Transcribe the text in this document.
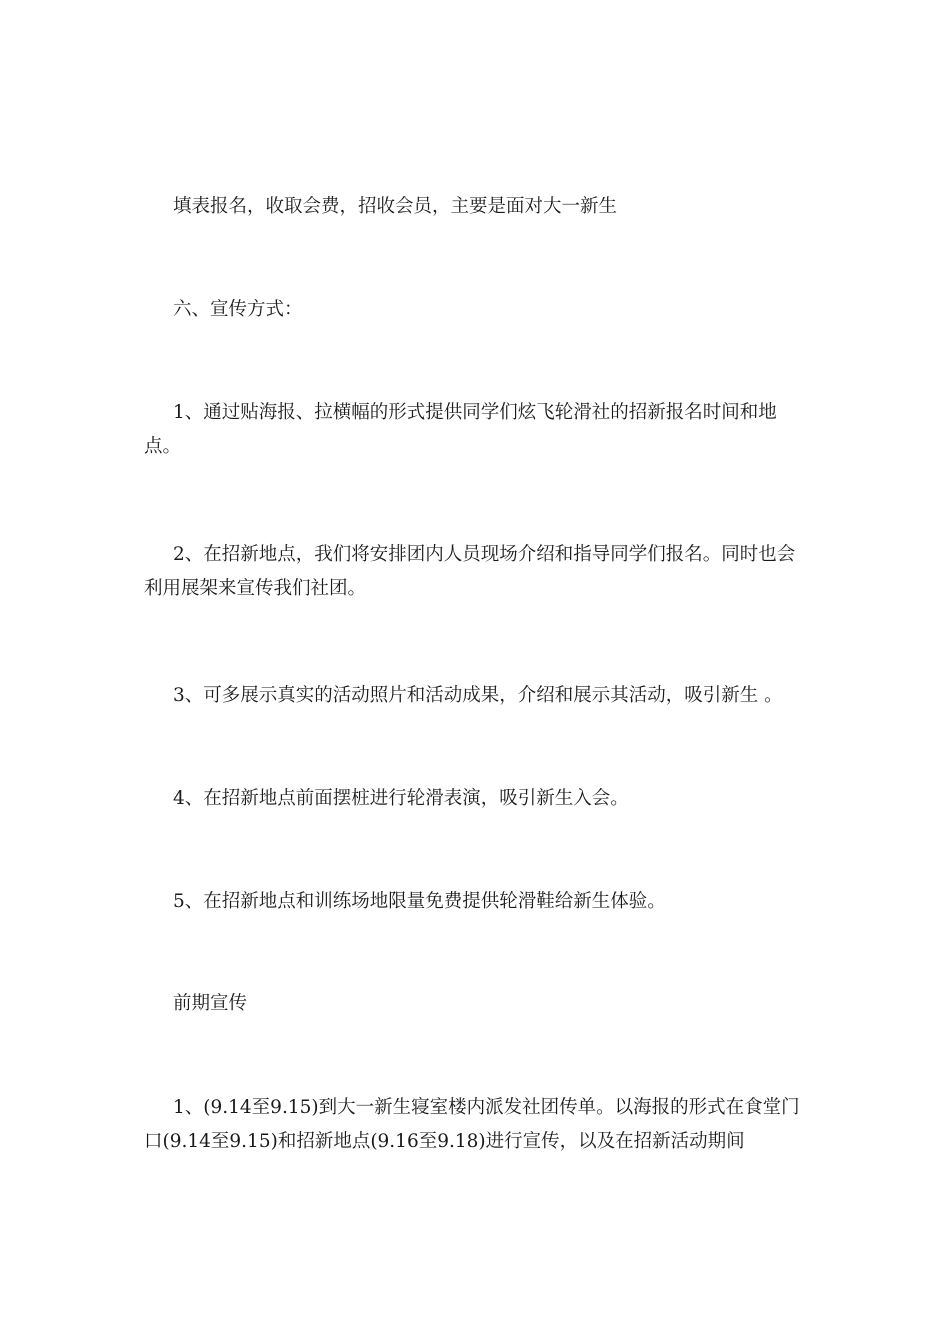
填表报名，收取会费，招收会员，主要是面对大一新生

六、宣传方式：

1、通过贴海报、拉横幅的形式提供同学们炫飞轮滑社的招新报名时间和地点。

2、在招新地点，我们将安排团内人员现场介绍和指导同学们报名。同时也会利用展架来宣传我们社团。

3、可多展示真实的活动照片和活动成果，介绍和展示其活动，吸引新生 。

4、在招新地点前面摆桩进行轮滑表演，吸引新生入会。

5、在招新地点和训练场地限量免费提供轮滑鞋给新生体验。

前期宣传

1、(9.14至9.15)到大一新生寝室楼内派发社团传单。以海报的形式在食堂门口(9.14至9.15)和招新地点(9.16至9.18)进行宣传，以及在招新活动期间
